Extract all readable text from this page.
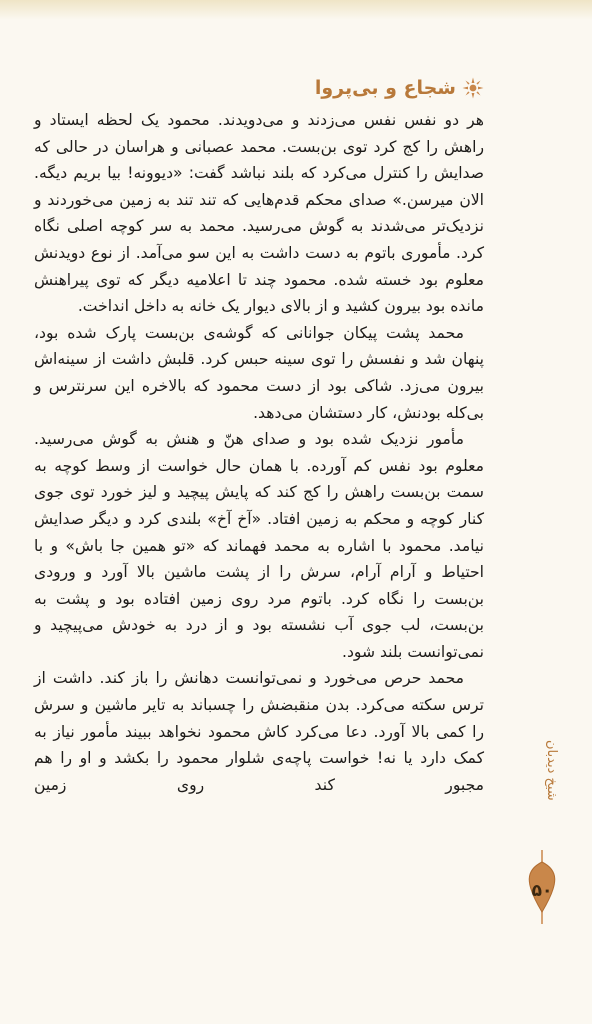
شجاع و بی‌پروا

هر دو نفس نفس می‌زدند و می‌دویدند. محمود یک لحظه ایستاد و راهش را کج کرد توی بن‌بست. محمد عصبانی و هراسان در حالی که صدایش را کنترل می‌کرد که بلند نباشد گفت: «دیوونه! بیا بریم دیگه. الان میرسن.» صدای محکم قدم‌هایی که تند تند به زمین می‌خوردند و نزدیک‌تر می‌شدند به گوش می‌رسید. محمد به سر کوچه اصلی نگاه کرد. مأموری باتوم به دست داشت به این سو می‌آمد. از نوع دویدنش معلوم بود خسته شده. محمود چند تا اعلامیه دیگر که توی پیراهنش مانده بود بیرون کشید و از بالای دیوار یک خانه به داخل انداخت.

محمد پشت پیکان جوانانی که گوشه‌ی بن‌بست پارک شده بود، پنهان شد و نفسش را توی سینه حبس کرد. قلبش داشت از سینه‌اش بیرون می‌زد. شاکی بود از دست محمود که بالاخره این سرنترس و بی‌کله بودنش، کار دستشان می‌دهد.

مأمور نزدیک شده بود و صدای هنّ و هنش به گوش می‌رسید. معلوم بود نفس کم آورده. با همان حال خواست از وسط کوچه به سمت بن‌بست راهش را کج کند که پایش پیچید و لیز خورد توی جوی کنار کوچه و محکم به زمین افتاد. «آخ آخ» بلندی کرد و دیگر صدایش نیامد. محمود با اشاره به محمد فهماند که «تو همین جا باش» و با احتیاط و آرام آرام، سرش را از پشت ماشین بالا آورد و ورودی بن‌بست را نگاه کرد. باتوم مرد روی زمین افتاده بود و پشت به بن‌بست، لب جوی آب نشسته بود و از درد به خودش می‌پیچید و نمی‌توانست بلند شود.

محمد حرص می‌خورد و نمی‌توانست دهانش را باز کند. داشت از ترس سکته می‌کرد. بدن منقبضش را چسباند به تایر ماشین و سرش را کمی بالا آورد. دعا می‌کرد کاش محمود نخواهد ببیند مأمور نیاز به کمک دارد یا نه! خواست پاچه‌ی شلوار محمود را بکشد و او را هم مجبور کند روی زمین	شیخ دیدبان
۵۰
